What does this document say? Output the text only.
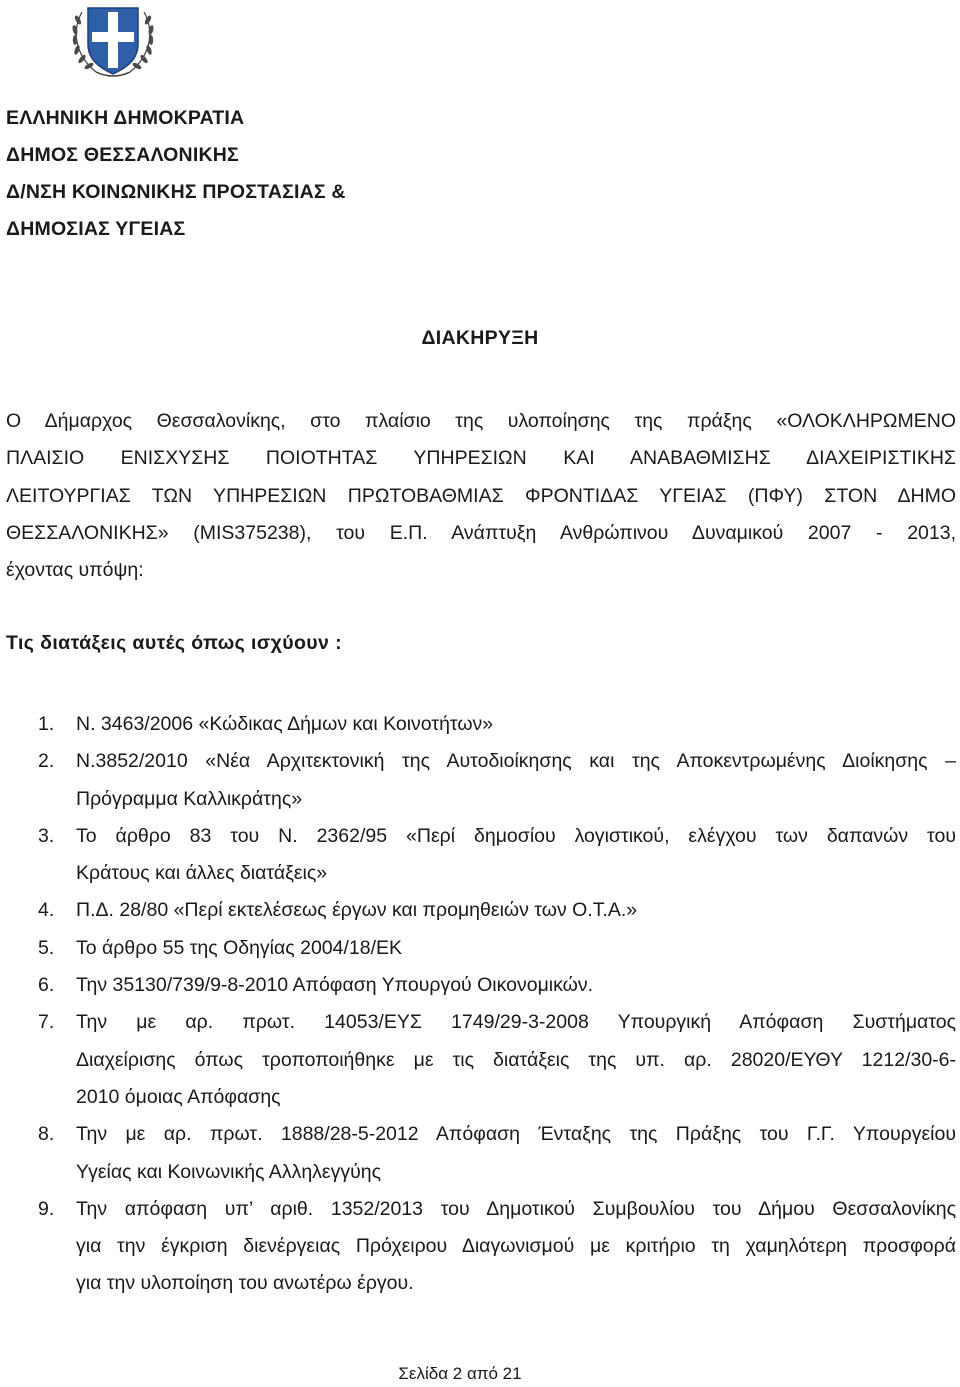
ΕΛΛΗΝΙΚΗ ΔΗΜΟΚΡΑΤΙΑ
ΔΗΜΟΣ ΘΕΣΣΑΛΟΝΙΚΗΣ
Δ/ΝΣΗ ΚΟΙΝΩΝΙΚΗΣ ΠΡΟΣΤΑΣΙΑΣ &
ΔΗΜΟΣΙΑΣ ΥΓΕΙΑΣ
ΔΙΑΚΗΡΥΞΗ
Ο Δήμαρχος Θεσσαλονίκης, στο πλαίσιο της υλοποίησης της πράξης «ΟΛΟΚΛΗΡΩΜΕΝΟ
ΠΛΑΙΣΙΟ ΕΝΙΣΧΥΣΗΣ ΠΟΙΟΤΗΤΑΣ ΥΠΗΡΕΣΙΩΝ ΚΑΙ ΑΝΑΒΑΘΜΙΣΗΣ ΔΙΑΧΕΙΡΙΣΤΙΚΗΣ
ΛΕΙΤΟΥΡΓΙΑΣ ΤΩΝ ΥΠΗΡΕΣΙΩΝ ΠΡΩΤΟΒΑΘΜΙΑΣ ΦΡΟΝΤΙΔΑΣ ΥΓΕΙΑΣ (ΠΦΥ) ΣΤΟΝ ΔΗΜΟ
ΘΕΣΣΑΛΟΝΙΚΗΣ» (MIS375238), του Ε.Π. Ανάπτυξη Ανθρώπινου Δυναμικού 2007 - 2013,
έχοντας υπόψη:
Τις διατάξεις αυτές όπως ισχύουν :
1. Ν. 3463/2006 «Κώδικας Δήμων και Κοινοτήτων»
2. Ν.3852/2010 «Νέα Αρχιτεκτονική της Αυτοδιοίκησης και της Αποκεντρωμένης Διοίκησης –
Πρόγραμμα Καλλικράτης»
3. Το άρθρο 83 του Ν. 2362/95 «Περί δημοσίου λογιστικού, ελέγχου των δαπανών του
Κράτους και άλλες διατάξεις»
4. Π.Δ. 28/80 «Περί εκτελέσεως έργων και προμηθειών των Ο.Τ.Α.»
5. Το άρθρο 55 της Οδηγίας 2004/18/ΕΚ
6. Την 35130/739/9-8-2010 Απόφαση Υπουργού Οικονομικών.
7. Την με αρ. πρωτ. 14053/ΕΥΣ 1749/29-3-2008 Υπουργική Απόφαση Συστήματος
Διαχείρισης όπως τροποποιήθηκε με τις διατάξεις της υπ. αρ. 28020/ΕΥΘΥ 1212/30-6-
2010 όμοιας Απόφασης
8. Την με αρ. πρωτ. 1888/28-5-2012 Απόφαση Ένταξης της Πράξης του Γ.Γ. Υπουργείου
Υγείας και Κοινωνικής Αλληλεγγύης
9. Την απόφαση υπ’ αριθ. 1352/2013 του Δημοτικού Συμβουλίου του Δήμου Θεσσαλονίκης
για την έγκριση διενέργειας Πρόχειρου Διαγωνισμού με κριτήριο τη χαμηλότερη προσφορά
για την υλοποίηση του ανωτέρω έργου.
Σελίδα 2 από 21
